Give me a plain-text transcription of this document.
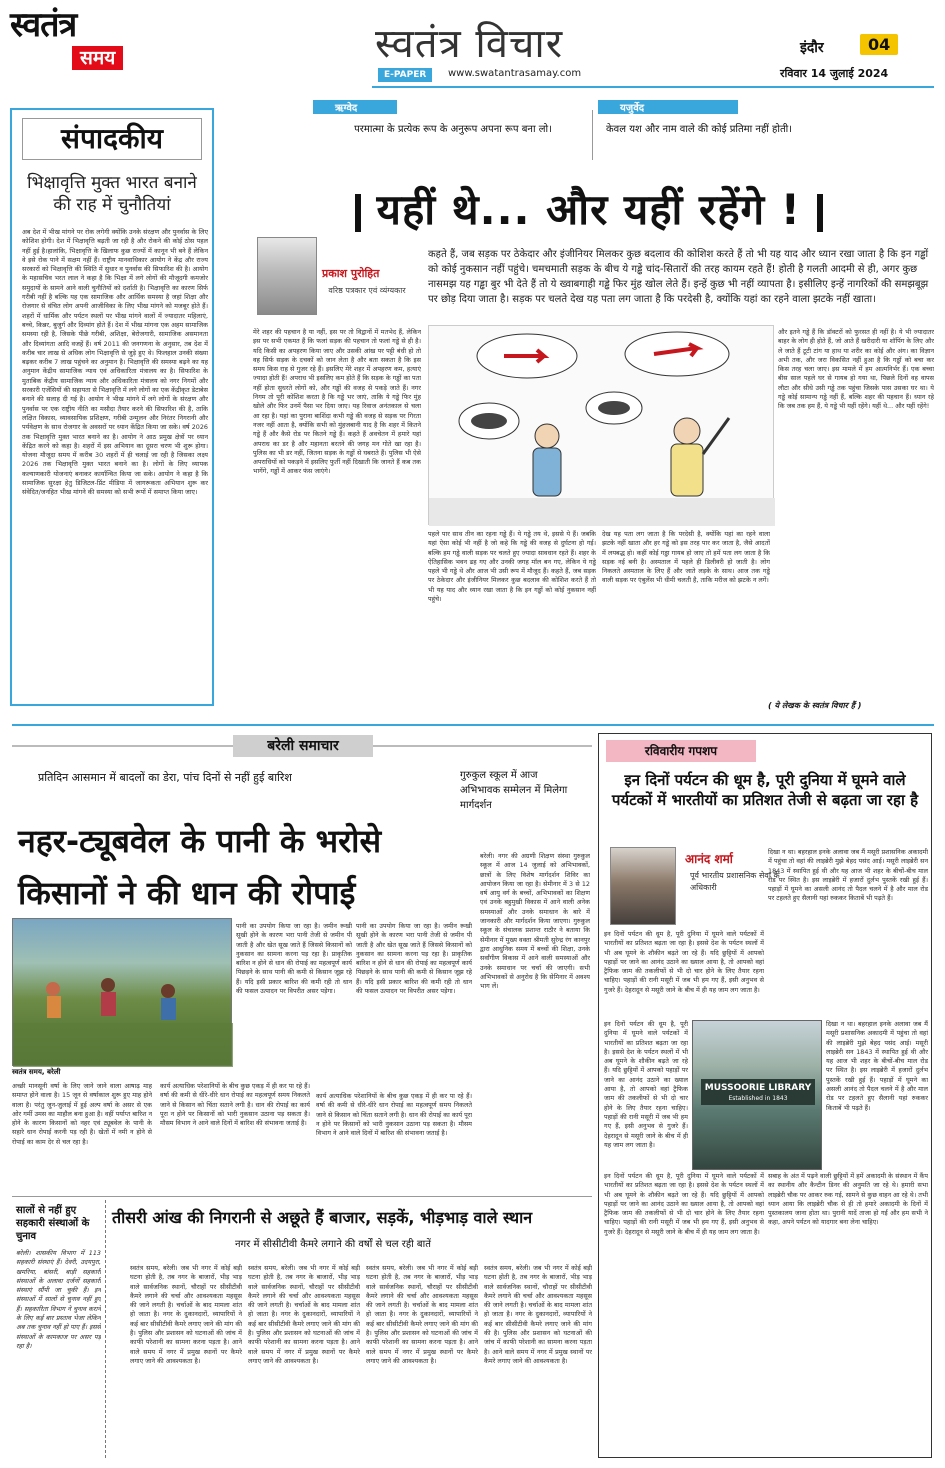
स्वतंत्र
समय	स्वतंत्र विचार
E-PAPER	www.swatantrasamay.com
इंदौर	04
रविवार 14 जुलाई 2024
संपादकीय
भिक्षावृत्ति मुक्त भारत बनाने की राह में चुनौतियां
अब देश में भीख मांगने पर रोक लगेगी क्योंकि उनके संरक्षण और पुनर्वास के लिए कोशिश होगी। देश में भिक्षावृत्ति बढ़ती जा रही है और रोकने की कोई ठोस पहल नहीं हुई है।हालांकि, भिक्षावृत्ति के खिलाफ कुछ राज्यों में कानून भी बने हैं लेकिन वे इसे रोक पाने में सक्षम नहीं हैं। राष्ट्रीय मानवाधिकार आयोग ने केंद्र और राज्य सरकारों को भिक्षावृत्ति की स्थिति में सुधार व पुनर्वास की सिफारिश की है। आयोग के महासचिव भरत लाल ने कहा है कि भिक्षा में लगे लोगों की मौजूदगी कमजोर समुदायों के सामने आने वाली चुनौतियों को दर्शाती है। भिक्षावृत्ति का कारण सिर्फ गरीबी नहीं है बल्कि यह एक सामाजिक और आर्थिक समस्या है जहां शिक्षा और रोजगार से वंचित लोग अपनी आजीविका के लिए भीख मांगने को मजबूर होते हैं। शहरों में धार्मिक और पर्यटन स्थलों पर भीख मांगने वालों में ज्यादातर महिलाएं, बच्चे, किन्नर, बुजुर्ग और दिव्यांग होते हैं। देश में भीख मांगना एक अहम सामाजिक समस्या रही है, जिसके पीछे गरीबी, अशिक्षा, बेरोजगारी, सामाजिक असमानता और दिव्यांगता आदि वजहें हैं। वर्ष 2011 की जनगणना के अनुसार, तब देश में करीब चार लाख से अधिक लोग भिक्षावृत्ति से जुड़े हुए थे। फिलहाल उनकी संख्या बढ़कर करीब 7 लाख पहुंचने का अनुमान है। भिक्षावृत्ति की समस्या बढ़ने का यह अनुमान केंद्रीय सामाजिक न्याय एवं अधिकारिता मंत्रालय का है। सिफारिश के मुताबिक केंद्रीय सामाजिक न्याय और अधिकारिता मंत्रालय को नगर निगमों और सरकारी एजेंसियों की सहायता से भिक्षावृत्ति में लगे लोगों का एक केंद्रीकृत डेटाबेस बनाने की सलाह दी गई है। आयोग ने भीख मांगने में लगे लोगों के संरक्षण और पुनर्वास पर एक राष्ट्रीय नीति का मसौदा तैयार करने की सिफारिश की है, ताकि लक्षित विकास, व्यावसायिक प्रशिक्षण, गरीबी उन्मूलन और निरंतर निगरानी और पर्यवेक्षण के साथ रोजगार के अवसरों पर ध्यान केंद्रित किया जा सके। वर्ष 2026 तक भिक्षावृत्ति मुक्त भारत बनाने का है। आयोग ने आठ प्रमुख क्षेत्रों पर ध्यान केंद्रित करने को कहा है। शहरों में इस अभियान का दूसरा चरण भी शुरू होगा। योजना मौजूदा समय में करीब 30 शहरों में ही चलाई जा रही है जिसका लक्ष्य 2026 तक भिक्षावृत्ति मुक्त भारत बनाने का है। लोगों के लिए व्यापक कल्याणकारी योजनाएं बनाकर कार्यान्वित किया जा सके। आयोग ने कहा है कि सामाजिक सुरक्षा हेतु डिजिटल-प्रिंट मीडिया में जागरूकता अभियान शुरू कर संवेदित/जनहित भीख मांगने की समस्या को सभी रूपों में समाप्त किया जाए।
ऋग्वेद
परमात्मा के प्रत्येक रूप के अनुरूप अपना रूप बना लो।
यजुर्वेद
केवल यश और नाम वाले की कोई प्रतिमा नहीं होती।
यहीं थे... और यहीं रहेंगे !
प्रकाश पुरोहित
वरिष्ठ पत्रकार एवं व्यंग्यकार
कहते हैं, जब सड़क पर ठेकेदार और इंजीनियर मिलकर कुछ बदलाव की कोशिश करते हैं तो भी यह याद और ध्यान रखा जाता है कि इन गड्ढों को कोई नुकसान नहीं पहुंचे। चमचमाती सड़क के बीच ये गड्ढे चांद-सितारों की तरह कायम रहते हैं! होती है गलती आदमी से ही, अगर कुछ नासमझ यह गड्ढा बुर भी देते हैं तो ये ख्वाबगाही गड्ढे फिर मुंह खोल लेते हैं। इन्हें कुछ भी नहीं व्यापता है। इसीलिए इन्हें नागरिकों की समझबूझ पर छोड़ दिया जाता है। सड़क पर चलते देख यह पता लग जाता है कि परदेसी है, क्योंकि यहां का रहने वाला झटके नहीं खाता।
मेरे शहर की पहचान है या नहीं, इस पर तो विद्वानों में मतभेद हैं, लेकिन इस पर सभी एकमत हैं कि फलां सड़क की पहचान तो फलां गड्ढे से ही है। यदि किसी का अपहरण किया जाए और उसकी आंख पर पट्टी बंधी हो तो वह सिर्फ सड़क के दचकों को जान लेता है और बता सकता है कि इस समय किस राह से गुजर रहे हैं। इसलिए मेरे शहर में अपहरण कम, हत्याएं ज्यादा होती हैं! अपराध भी इसलिए कम होते हैं कि सड़क के गड्ढों का पता नहीं होता सुधरते लोगों को, और गड्ढों की वजह से पकड़े जाते हैं। नगर निगम तो पूरी कोशिश करता है कि गड्ढे भर जाएं, ताकि ये गड्ढे फिर मुंह खोले और फिर उनमें पैसा भर दिया जाए। यह रिवाज अनंतकाल से चला आ रहा है। यहां का पुराना बाशिंदा कभी गड्ढे की वजह से सड़क पर गिरता नजर नहीं आता है, क्योंकि सभी को मुंहजबानी याद है कि शहर में कितने गड्ढे हैं और कैसे रोड पर कितने गड्ढे हैं। कहते हैं अवचेतन में हमारे यहां अपराध का डर है और महानता बरतने की जगह मन गोते खा रहा है। पुलिस का भी डर नहीं, जितना सड़क के गड्ढों से घबराते हैं। पुलिस भी ऐसे अपराधियों को पकड़ने में इसलिए फुर्ती नहीं दिखाती कि जानते हैं कब तक भागेंगे, गड्ढों में आकर फंस जाएंगे।
पहले पार साथ तीन का रहना गड्ढे हैं। ये गड्ढे तय थे, इससे ये हैं। जबकि यहां ऐसा कोई भी नहीं है जो कहे कि गड्ढे की वजह से दुर्घटना हो गई। बल्कि हम गड्ढे वाली सड़क पर चलते हुए ज्यादा सावधान रहते हैं। शहर के ऐतिहासिक भवन ढह गए और उनकी जगह मॉल बन गए, लेकिन ये गड्ढे पहले भी गड्ढे थे और आज भी उसी रूप में मौजूद हैं। कहते हैं, जब सड़क पर ठेकेदार और इंजीनियर मिलकर कुछ बदलाव की कोशिश करते हैं तो भी यह याद और ध्यान रखा जाता है कि इन गड्ढों को कोई नुकसान नहीं पहुंचे।
देख यह पता लग जाता है कि परदेसी है, क्योंकि यहां का रहने वाला झटके नहीं खाता और हर गड्ढे को इस तरह पार कर जाता है, जैसे आदतों में लयबद्ध हो। कहीं कोई गड्ढा गायब हो जाए तो हमें पता लग जाता है कि सड़क नई बनी है। अस्पताल में पहले ही डिलीवरी हो जाती है। लोग निकलते अस्पताल के लिए हैं और जाते लड़के के साथ। आज तक गड्ढे वाली सड़क पर एंबुलेंस भी धीमी चलती है, ताकि मरीज को झटके न लगें।
और इतने गड्ढे हैं कि डॉक्टरों को फुरसत ही नहीं है। ये भी ज्यादातर बाहर के लोग ही होते हैं, जो आते हैं खरीदारी या शॉपिंग के लिए और ले जाते हैं टूटी टांग या हाथ या शरीर का कोई और अंग। का विज्ञान अभी तक, और जरा विकसित नहीं हुआ है कि गड्ढों को बचा कर किस तरह चला जाए। इस मामले में हम आत्मनिर्भर हैं। एक बच्चा बीस साल पहले घर से गायब हो गया था, पिछले दिनों वह वापस लौटा और सीधे उसी गड्ढे तक पहुंचा जिसके पास उसका घर था। ये गड्ढे कोई सामान्य गड्ढे नहीं हैं, बल्कि शहर की पहचान हैं। ध्यान रहे कि जब तक हम हैं, ये गड्ढे भी यहीं रहेंगे। यहीं थे... और यहीं रहेंगे!
( ये लेखक के स्वतंत्र विचार हैं )
बरेली समाचार
प्रतिदिन आसमान में बादलों का डेरा, पांच दिनों से नहीं हुई बारिश
नहर-ट्यूबवेल के पानी के भरोसे किसानों ने की धान की रोपाई
गुरुकुल स्कूल में आज अभिभावक सम्मेलन में मिलेगा मार्गदर्शन
बरेली। नगर की अग्रणी शिक्षण संस्था गुरुकुल स्कूल में आज 14 जुलाई को अभिभावकों, छात्रों के लिए विशेष मार्गदर्शन शिविर का आयोजन किया जा रहा है। सेमीनार में 3 से 12 वर्ष आयु वर्ग के बच्चों, अभिभावकों का शिक्षण एवं उनके बहुमुखी विकास में आने वाली अनेक समस्याओं और उनके समाधान के बारे में जानकारी और मार्गदर्शन किया जाएगा। गुरुकुल स्कूल के संचालक प्रशान्त राठौर ने बताया कि सेमीनार में मुख्य वक्ता श्रीमती सुरेन्द्र रंग कानपुर द्वारा आधुनिक समय में बच्चों की शिक्षा, उनके सर्वांगीण विकास में आने वाली समस्याओं और उनके समाधान पर चर्चा की जाएगी। सभी अभिभावकों से अनुरोध है कि सेमिनार में अवश्य भाग लें।
स्वतंत्र समय, बरेली
पानी का उपयोग किया जा रहा है। जमीन रूखी सूखी होने के कारण भरा पानी तेजी से जमीन पी जाती है और खेत सूख जाते हैं जिससे किसानों को नुकसान का सामना करना पड़ रहा है। प्राकृतिक बारिश न होने से धान की रोपाई का महत्वपूर्ण कार्य पिछड़ने के साथ पानी की कमी से किसान जूझ रहे हैं। यदि इसी प्रकार बारिश की कमी रही तो धान की फसल उत्पादन पर विपरीत असर पड़ेगा।
पानी का उपयोग किया जा रहा है। जमीन रूखी सूखी होने के कारण भरा पानी तेजी से जमीन पी जाती है और खेत सूख जाते हैं जिससे किसानों को नुकसान का सामना करना पड़ रहा है। प्राकृतिक बारिश न होने से धान की रोपाई का महत्वपूर्ण कार्य पिछड़ने के साथ पानी की कमी से किसान जूझ रहे हैं। यदि इसी प्रकार बारिश की कमी रही तो धान की फसल उत्पादन पर विपरीत असर पड़ेगा।
अच्छी मानसूनी वर्षा के लिए जाने जाने वाला आषाढ़ माह समाप्त होने वाला है। 15 जून से वर्षाकाल शुरू हुए माह होने वाला है। परंतु जुन-जुलाई में हुई अल्प वर्षा के असर से एक ओर गर्मी उमस का माहौल बना हुआ है। वहीं पर्याप्त बारिश न होने के कारण किसानों को नहर एवं ट्यूबवेल के पानी के सहारे धान रोपाई करनी पड़ रही है। खेतों में नमी न होने से रोपाई का काम देर से चल रहा है।
कार्य अत्याधिक परेशानियों के बीच कुछ एकड़ में ही कर पा रहे हैं। वर्षा की कमी से धीरे-धीरे धान रोपाई का महत्वपूर्ण समय निकलते जाने से किसान को चिंता सताने लगी है। धान की रोपाई का कार्य पूरा न होने पर किसानों को भारी नुकसान उठाना पड़ सकता है। मौसम विभाग ने आने वाले दिनों में बारिश की संभावना जताई है।
कार्य अत्याधिक परेशानियों के बीच कुछ एकड़ में ही कर पा रहे हैं। वर्षा की कमी से धीरे-धीरे धान रोपाई का महत्वपूर्ण समय निकलते जाने से किसान को चिंता सताने लगी है। धान की रोपाई का कार्य पूरा न होने पर किसानों को भारी नुकसान उठाना पड़ सकता है। मौसम विभाग ने आने वाले दिनों में बारिश की संभावना जताई है।
सालों से नहीं हुए सहकारी संस्थाओं के चुनाव
बरेली। शासकीय विभाग में 113 सहकारी संस्थाएं हैं। देवरी, उदयपुरा, खमरिया, बांसरी, बाड़ी सहकारी संस्थाओं के अलावा दर्जनों सहकारी संस्थाएं सौंपी जा चुकी हैं। इन संस्थाओं में सालों से चुनाव नहीं हुए हैं। सहकारिता विभाग ने चुनाव कराने के लिए कई बार प्रस्ताव भेजा लेकिन अब तक चुनाव नहीं हो पाए हैं। इससे संस्थाओं के कामकाज पर असर पड़ रहा है।
तीसरी आंख की निगरानी से अछूते हैं बाजार, सड़कें, भीड़भाड़ वाले स्थान
नगर में सीसीटीवी कैमरे लगाने की वर्षों से चल रही बातें
स्वतंत्र समय, बरेली। जब भी नगर में कोई बड़ी घटना होती है, तब नगर के बाजारों, भीड़ भाड़ वाले सार्वजनिक स्थानों, चौराहों पर सीसीटीवी कैमरे लगाने की चर्चा और आवश्यकता महसूस की जाने लगती है। चर्चाओं के बाद मामला शांत हो जाता है। नगर के दुकानदारों, व्यापारियों ने कई बार सीसीटीवी कैमरे लगाए जाने की मांग की है। पुलिस और प्रशासन को घटनाओं की जांच में काफी परेशानी का सामना करना पड़ता है। आने वाले समय में नगर में प्रमुख स्थानों पर कैमरे लगाए जाने की आवश्यकता है।
स्वतंत्र समय, बरेली। जब भी नगर में कोई बड़ी घटना होती है, तब नगर के बाजारों, भीड़ भाड़ वाले सार्वजनिक स्थानों, चौराहों पर सीसीटीवी कैमरे लगाने की चर्चा और आवश्यकता महसूस की जाने लगती है। चर्चाओं के बाद मामला शांत हो जाता है। नगर के दुकानदारों, व्यापारियों ने कई बार सीसीटीवी कैमरे लगाए जाने की मांग की है। पुलिस और प्रशासन को घटनाओं की जांच में काफी परेशानी का सामना करना पड़ता है। आने वाले समय में नगर में प्रमुख स्थानों पर कैमरे लगाए जाने की आवश्यकता है।
स्वतंत्र समय, बरेली। जब भी नगर में कोई बड़ी घटना होती है, तब नगर के बाजारों, भीड़ भाड़ वाले सार्वजनिक स्थानों, चौराहों पर सीसीटीवी कैमरे लगाने की चर्चा और आवश्यकता महसूस की जाने लगती है। चर्चाओं के बाद मामला शांत हो जाता है। नगर के दुकानदारों, व्यापारियों ने कई बार सीसीटीवी कैमरे लगाए जाने की मांग की है। पुलिस और प्रशासन को घटनाओं की जांच में काफी परेशानी का सामना करना पड़ता है। आने वाले समय में नगर में प्रमुख स्थानों पर कैमरे लगाए जाने की आवश्यकता है।
स्वतंत्र समय, बरेली। जब भी नगर में कोई बड़ी घटना होती है, तब नगर के बाजारों, भीड़ भाड़ वाले सार्वजनिक स्थानों, चौराहों पर सीसीटीवी कैमरे लगाने की चर्चा और आवश्यकता महसूस की जाने लगती है। चर्चाओं के बाद मामला शांत हो जाता है। नगर के दुकानदारों, व्यापारियों ने कई बार सीसीटीवी कैमरे लगाए जाने की मांग की है। पुलिस और प्रशासन को घटनाओं की जांच में काफी परेशानी का सामना करना पड़ता है। आने वाले समय में नगर में प्रमुख स्थानों पर कैमरे लगाए जाने की आवश्यकता है।
रविवारीय गपशप
इन दिनों पर्यटन की धूम है, पूरी दुनिया में घूमने वाले पर्यटकों में भारतीयों का प्रतिशत तेजी से बढ़ता जा रहा है
आनंद शर्मा
पूर्व भारतीय प्रशासनिक सेवा के अधिकारी
इन दिनों पर्यटन की धूम है, पूरी दुनिया में घूमने वाले पर्यटकों में भारतीयों का प्रतिशत बढ़ता जा रहा है। इससे देश के पर्यटन स्थलों में भी अब घूमने के शौकीन बढ़ते जा रहे हैं। यदि छुट्टियों में आपको पहाड़ों पर जाने का आनंद उठाने का ख्याल आया है, तो आपको वहां ट्रैफिक जाम की तकलीफों से भी दो चार होने के लिए तैयार रहना चाहिए। पहाड़ों की रानी मसूरी में जब भी हम गए हैं, इसी अनुभव से गुजरे हैं। देहरादून से मसूरी जाने के बीच में ही यह जाम लग जाता है।
इन दिनों पर्यटन की धूम है, पूरी दुनिया में घूमने वाले पर्यटकों में भारतीयों का प्रतिशत बढ़ता जा रहा है। इससे देश के पर्यटन स्थलों में भी अब घूमने के शौकीन बढ़ते जा रहे हैं। यदि छुट्टियों में आपको पहाड़ों पर जाने का आनंद उठाने का ख्याल आया है, तो आपको वहां ट्रैफिक जाम की तकलीफों से भी दो चार होने के लिए तैयार रहना चाहिए। पहाड़ों की रानी मसूरी में जब भी हम गए हैं, इसी अनुभव से गुजरे हैं। देहरादून से मसूरी जाने के बीच में ही यह जाम लग जाता है।
इन दिनों पर्यटन की धूम है, पूरी दुनिया में घूमने वाले पर्यटकों में भारतीयों का प्रतिशत बढ़ता जा रहा है। इससे देश के पर्यटन स्थलों में भी अब घूमने के शौकीन बढ़ते जा रहे हैं। यदि छुट्टियों में आपको पहाड़ों पर जाने का आनंद उठाने का ख्याल आया है, तो आपको वहां ट्रैफिक जाम की तकलीफों से भी दो चार होने के लिए तैयार रहना चाहिए। पहाड़ों की रानी मसूरी में जब भी हम गए हैं, इसी अनुभव से गुजरे हैं। देहरादून से मसूरी जाने के बीच में ही यह जाम लग जाता है।
दिखा न था। बहरहाल इनके अलावा जब मैं मसूरी प्रशासनिक अकादमी में पहुंचा तो वहां की लाइब्रेरी मुझे बेहद पसंद आई। मसूरी लाइब्रेरी सन 1843 में स्थापित हुई थी और यह आज भी शहर के बीचों-बीच माल रोड पर स्थित है। इस लाइब्रेरी में हजारों दुर्लभ पुस्तकें रखी हुई हैं। पहाड़ों में घूमने का असली आनंद तो पैदल चलने में है और माल रोड पर टहलते हुए सैलानी यहां रुककर किताबें भी पढ़ते हैं।
दिखा न था। बहरहाल इनके अलावा जब मैं मसूरी प्रशासनिक अकादमी में पहुंचा तो वहां की लाइब्रेरी मुझे बेहद पसंद आई। मसूरी लाइब्रेरी सन 1843 में स्थापित हुई थी और यह आज भी शहर के बीचों-बीच माल रोड पर स्थित है। इस लाइब्रेरी में हजारों दुर्लभ पुस्तकें रखी हुई हैं। पहाड़ों में घूमने का असली आनंद तो पैदल चलने में है और माल रोड पर टहलते हुए सैलानी यहां रुककर किताबें भी पढ़ते हैं।
सबाह के अंत में पढ़ने वाली छुट्टियों में हमें अकादमी के संस्थान में कैंप का स्थानीय और कैन्टीन डिनर की अनुमति जा रहे थे। हमारी सभा लाइब्रेरी चौक पर आकर रुक गई, सामने से कुछ वाहन आ रहे थे। तभी ध्यान आया कि लाइब्रेरी चौक से ही तो हमारे अकादमी के दिनों में पुस्तकालय जाना होता था। पुरानी यादें ताजा हो गईं और हम सभी ने कहा, अपने पर्यटन को यादगार बना लेना चाहिए।
MUSSOORIE LIBRARY
Established in 1843
